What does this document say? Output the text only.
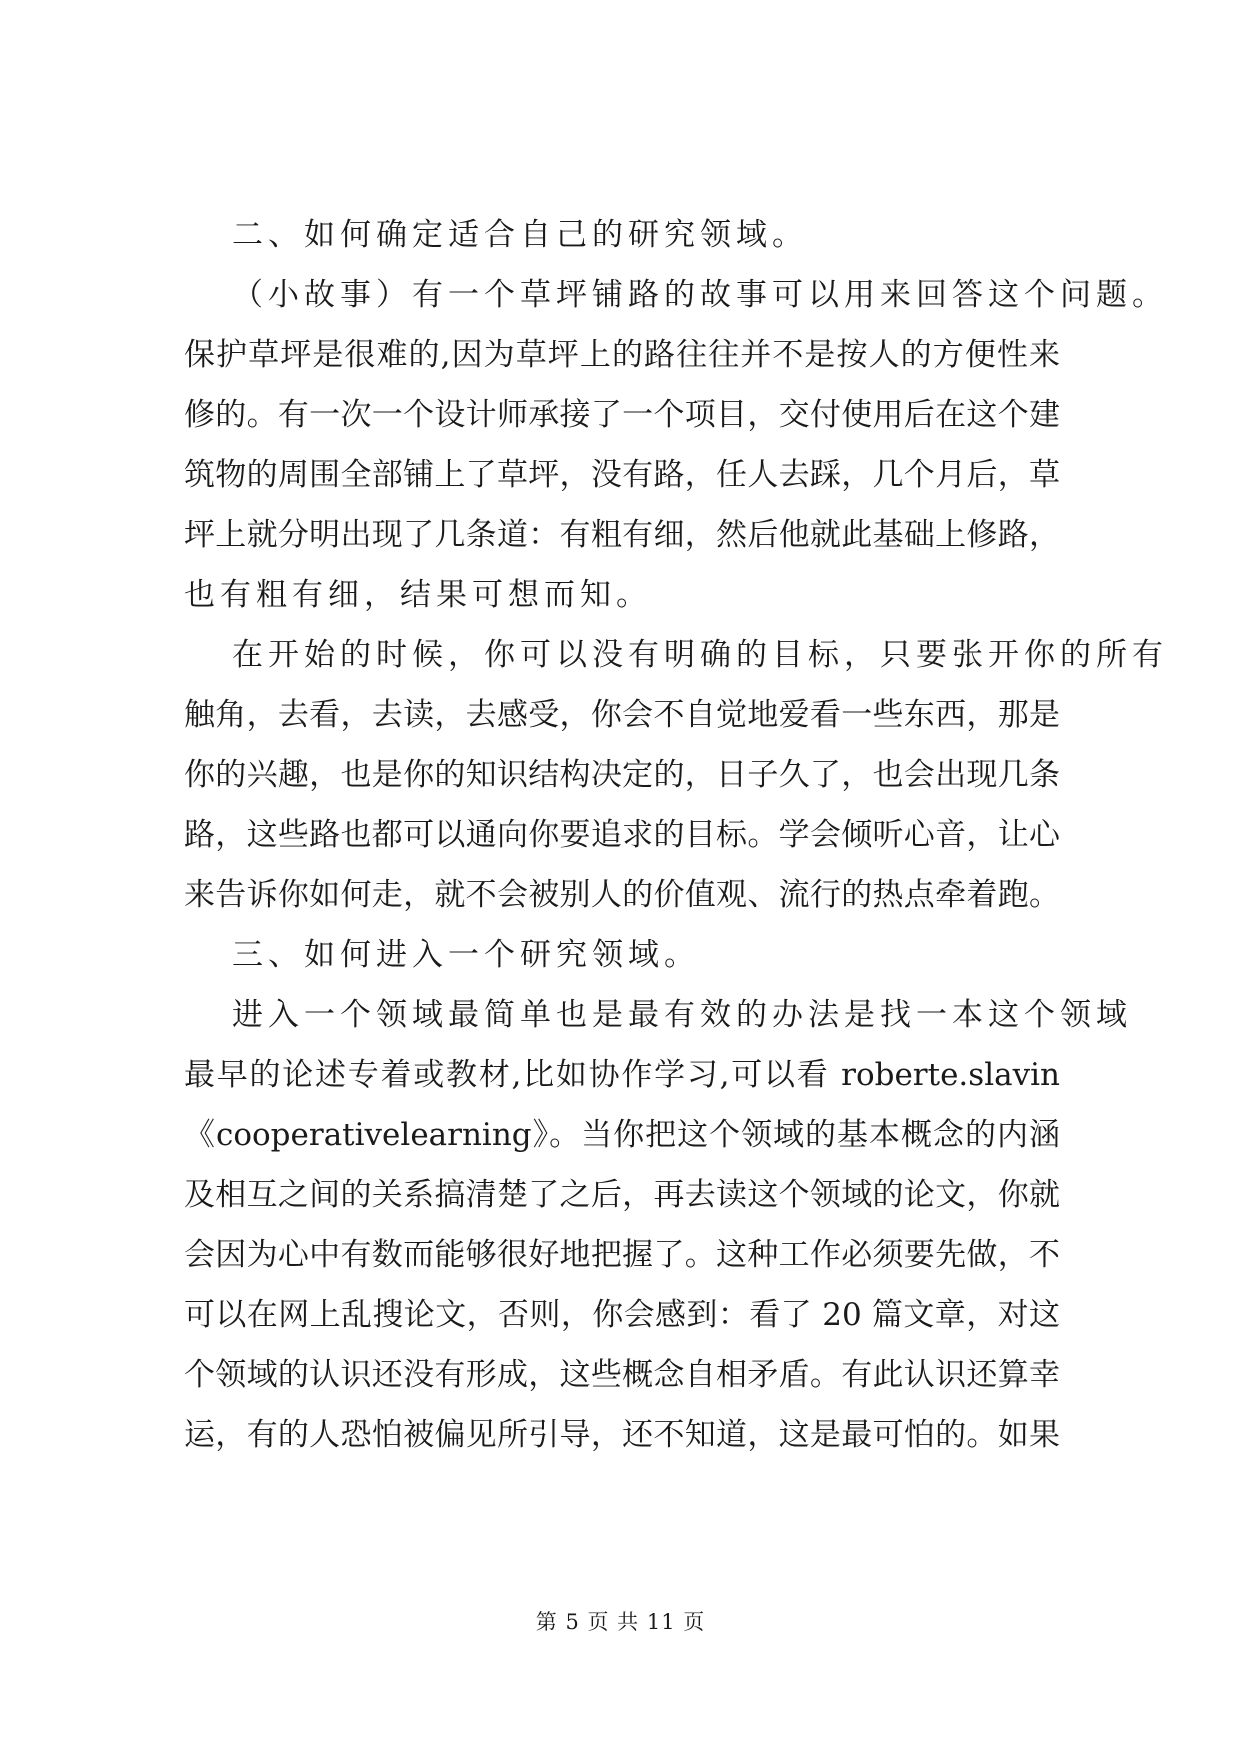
二、如何确定适合自己的研究领域。
（小故事）有一个草坪铺路的故事可以用来回答这个问题。
保护草坪是很难的,因为草坪上的路往往并不是按人的方便性来
修的。有一次一个设计师承接了一个项目，交付使用后在这个建
筑物的周围全部铺上了草坪，没有路，任人去踩，几个月后，草
坪上就分明出现了几条道：有粗有细，然后他就此基础上修路，
也有粗有细，结果可想而知。
在开始的时候，你可以没有明确的目标，只要张开你的所有
触角，去看，去读，去感受，你会不自觉地爱看一些东西，那是
你的兴趣，也是你的知识结构决定的，日子久了，也会出现几条
路，这些路也都可以通向你要追求的目标。学会倾听心音，让心
来告诉你如何走，就不会被别人的价值观、流行的热点牵着跑。
三、如何进入一个研究领域。
进入一个领域最简单也是最有效的办法是找一本这个领域
最早的论述专着或教材,比如协作学习,可以看 roberte.slavin
《cooperativelearning》。当你把这个领域的基本概念的内涵
及相互之间的关系搞清楚了之后，再去读这个领域的论文，你就
会因为心中有数而能够很好地把握了。这种工作必须要先做，不
可以在网上乱搜论文，否则，你会感到：看了 20 篇文章，对这
个领域的认识还没有形成，这些概念自相矛盾。有此认识还算幸
运，有的人恐怕被偏见所引导，还不知道，这是最可怕的。如果
第 5 页 共 11 页
